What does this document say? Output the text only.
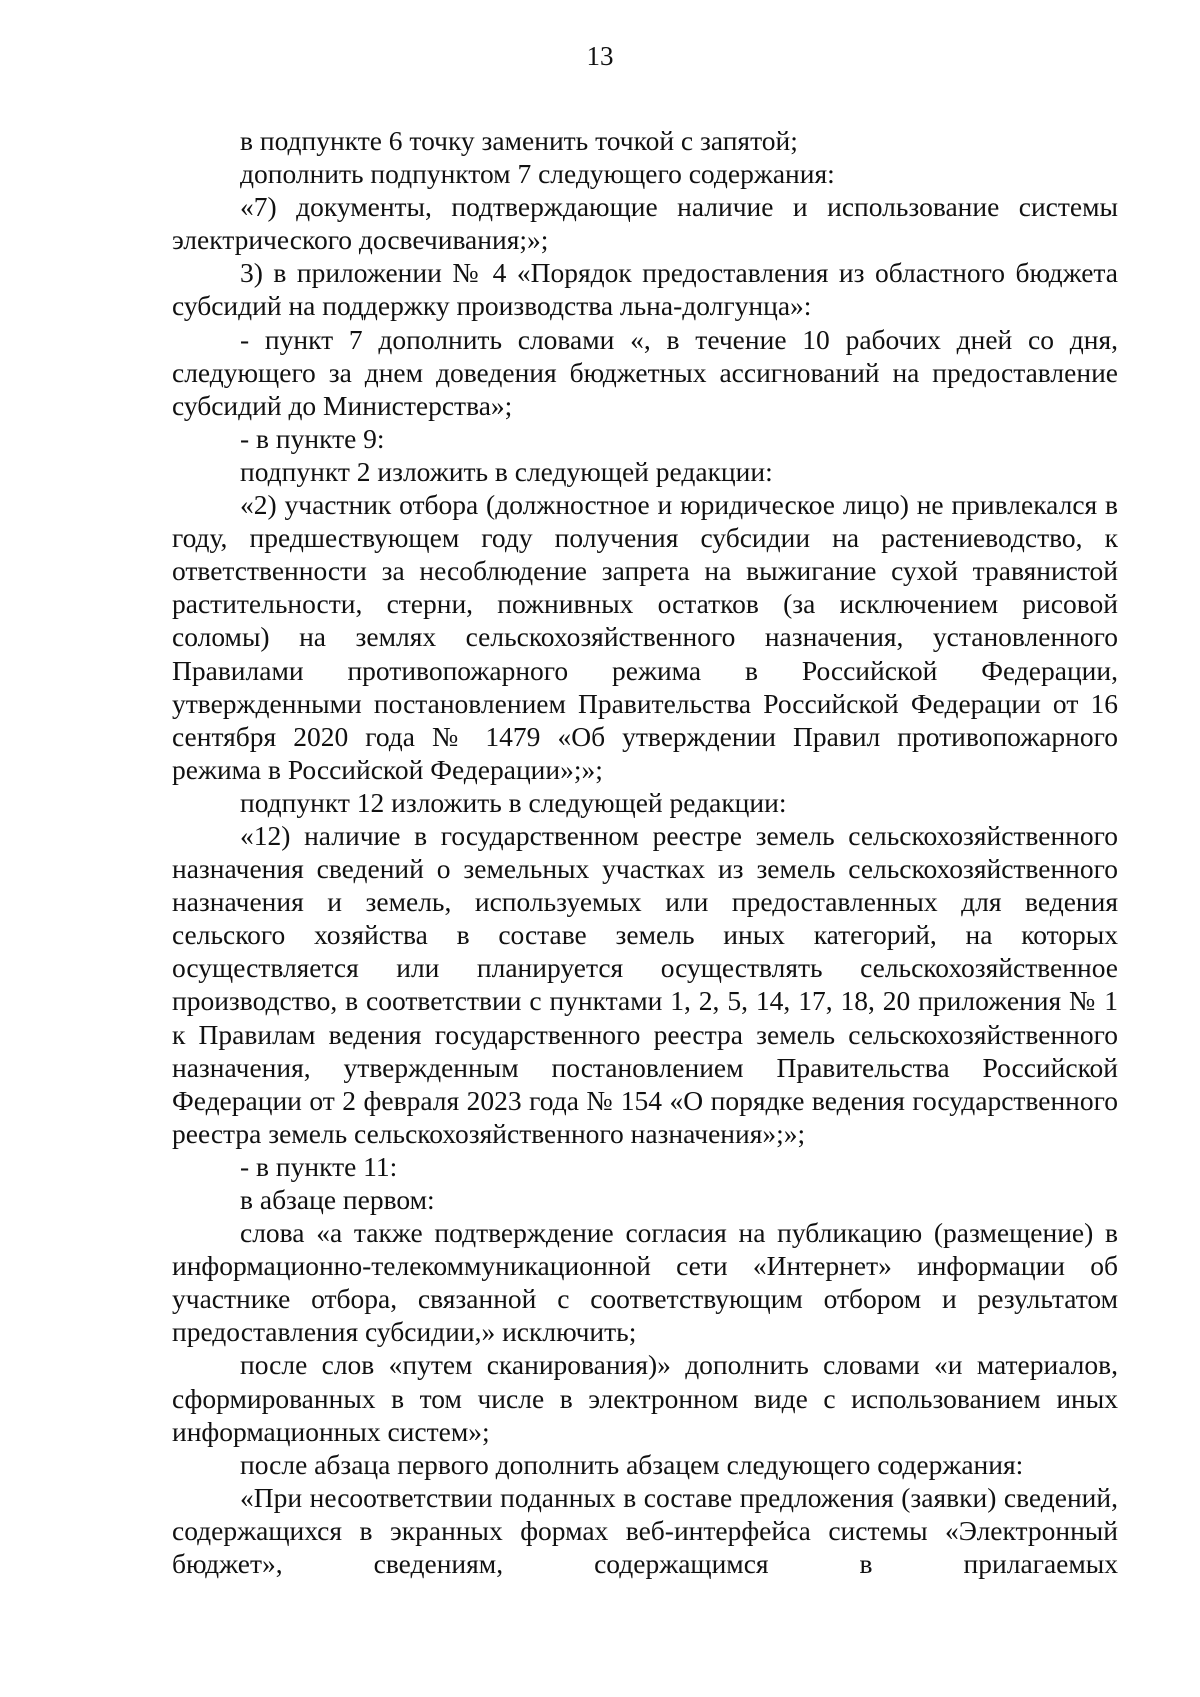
13

в подпункте 6 точку заменить точкой с запятой;

дополнить подпунктом 7 следующего содержания:

«7) документы, подтверждающие наличие и использование системы электрического досвечивания;»;

3) в приложении № 4 «Порядок предоставления из областного бюджета субсидий на поддержку производства льна-долгунца»:

- пункт 7 дополнить словами «, в течение 10 рабочих дней со дня, следующего за днем доведения бюджетных ассигнований на предоставление субсидий до Министерства»;

- в пункте 9:

подпункт 2 изложить в следующей редакции:

«2) участник отбора (должностное и юридическое лицо) не привлекался в году, предшествующем году получения субсидии на растениеводство, к ответственности за несоблюдение запрета на выжигание сухой травянистой растительности, стерни, пожнивных остатков (за исключением рисовой соломы) на землях сельскохозяйственного назначения, установленного Правилами противопожарного режима в Российской Федерации, утвержденными постановлением Правительства Российской Федерации от 16 сентября 2020 года № 1479 «Об утверждении Правил противопожарного режима в Российской Федерации»;»;

подпункт 12 изложить в следующей редакции:

«12) наличие в государственном реестре земель сельскохозяйственного назначения сведений о земельных участках из земель сельскохозяйственного назначения и земель, используемых или предоставленных для ведения сельского хозяйства в составе земель иных категорий, на которых осуществляется или планируется осуществлять сельскохозяйственное производство, в соответствии с пунктами 1, 2, 5, 14, 17, 18, 20 приложения № 1 к Правилам ведения государственного реестра земель сельскохозяйственного назначения, утвержденным постановлением Правительства Российской Федерации от 2 февраля 2023 года № 154 «О порядке ведения государственного реестра земель сельскохозяйственного назначения»;»;

- в пункте 11:

в абзаце первом:

слова «а также подтверждение согласия на публикацию (размещение) в информационно-телекоммуникационной сети «Интернет» информации об участнике отбора, связанной с соответствующим отбором и результатом предоставления субсидии,» исключить;

после слов «путем сканирования)» дополнить словами «и материалов, сформированных в том числе в электронном виде с использованием иных информационных систем»;

после абзаца первого дополнить абзацем следующего содержания:

«При несоответствии поданных в составе предложения (заявки) сведений, содержащихся в экранных формах веб-интерфейса системы «Электронный бюджет», сведениям, содержащимся в прилагаемых
